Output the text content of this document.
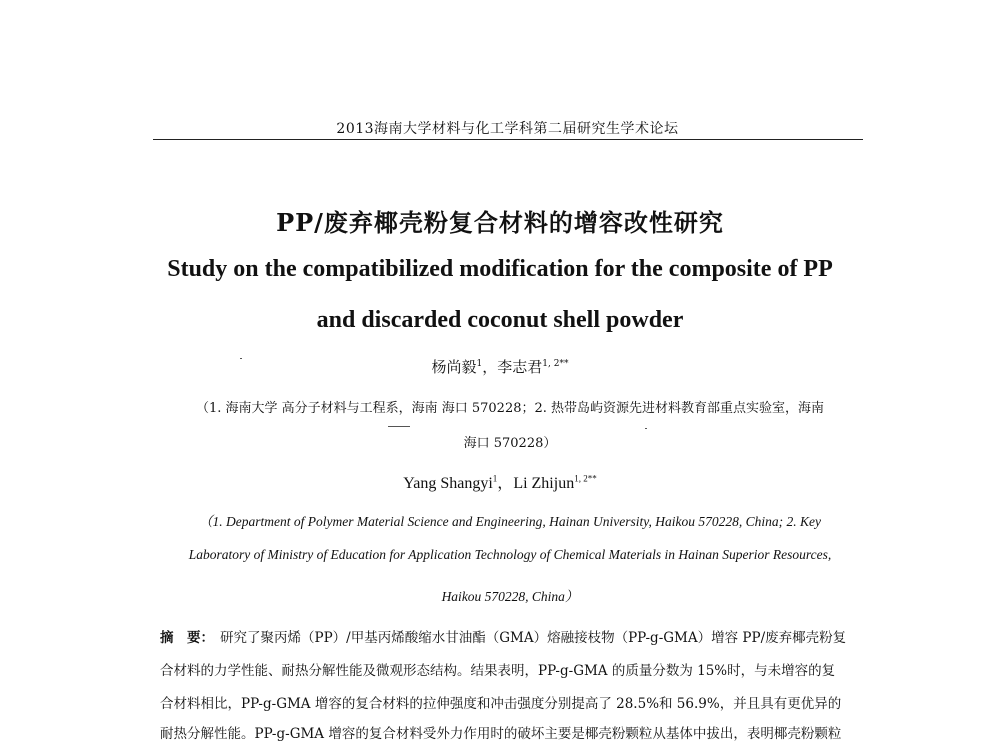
2013海南大学材料与化工学科第二届研究生学术论坛
PP/废弃椰壳粉复合材料的增容改性研究
Study on the compatibilized modification for the composite of PP
and discarded coconut shell powder
杨尚毅$^1$，李志君$^{1, 2**}$
（1. 海南大学 高分子材料与工程系，海南 海口 570228；2. 热带岛屿资源先进材料教育部重点实验室，海南
海口 570228）
Yang Shangyi$^1$，Li Zhijun$^{1, 2**}$
（1. Department of Polymer Material Science and Engineering, Hainan University, Haikou 570228, China; 2. Key
Laboratory of Ministry of Education for Application Technology of Chemical Materials in Hainan Superior Resources,
Haikou 570228, China）
摘　要： 研究了聚丙烯（PP）/甲基丙烯酸缩水甘油酯（GMA）熔融接枝物（PP-g-GMA）增容 PP/废弃椰壳粉复
合材料的力学性能、耐热分解性能及微观形态结构。结果表明，PP-g-GMA 的质量分数为 15%时，与未增容的复
合材料相比，PP-g-GMA 增容的复合材料的拉伸强度和冲击强度分别提高了 28.5%和 56.9%，并且具有更优异的
耐热分解性能。PP-g-GMA 增容的复合材料受外力作用时的破坏主要是椰壳粉颗粒从基体中拔出，表明椰壳粉颗粒
